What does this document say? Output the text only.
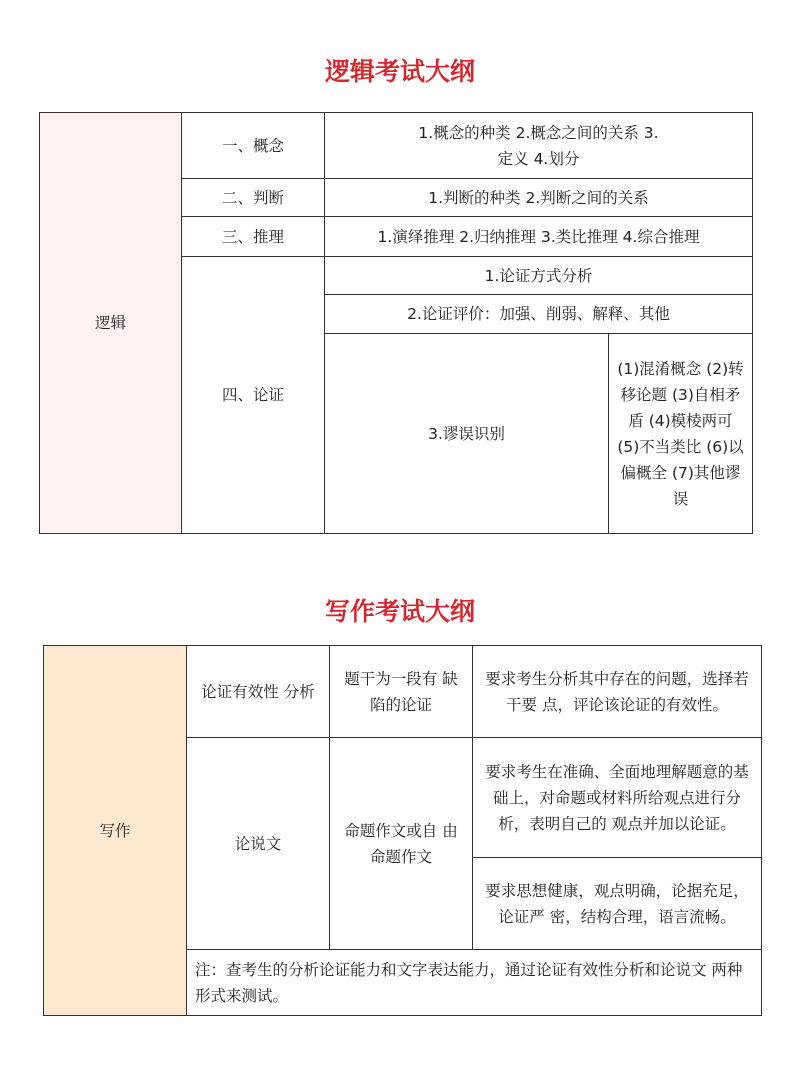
逻辑考试大纲
逻辑
一、概念
1.概念的种类 2.概念之间的关系 3.定义 4.划分
二、判断	1.判断的种类 2.判断之间的关系
三、推理	1.演绎推理 2.归纳推理 3.类比推理 4.综合推理
四、论证
1.论证方式分析
2.论证评价：加强、削弱、解释、其他
3.谬误识别
(1)混淆概念 (2)转移论题 (3)自相矛盾 (4)模棱两可 (5)不当类比 (6)以偏概全 (7)其他谬误
写作考试大纲
写作
论证有效性 分析
题干为一段有 缺陷的论证
要求考生分析其中存在的问题，选择若干要 点，评论该论证的有效性。
论说文
命题作文或自 由命题作文
要求考生在准确、全面地理解题意的基础上，对命题或材料所给观点进行分析，表明自己的 观点并加以论证。
要求思想健康，观点明确，论据充足，论证严 密，结构合理，语言流畅。
注：查考生的分析论证能力和文字表达能力，通过论证有效性分析和论说文 两种形式来测试。
